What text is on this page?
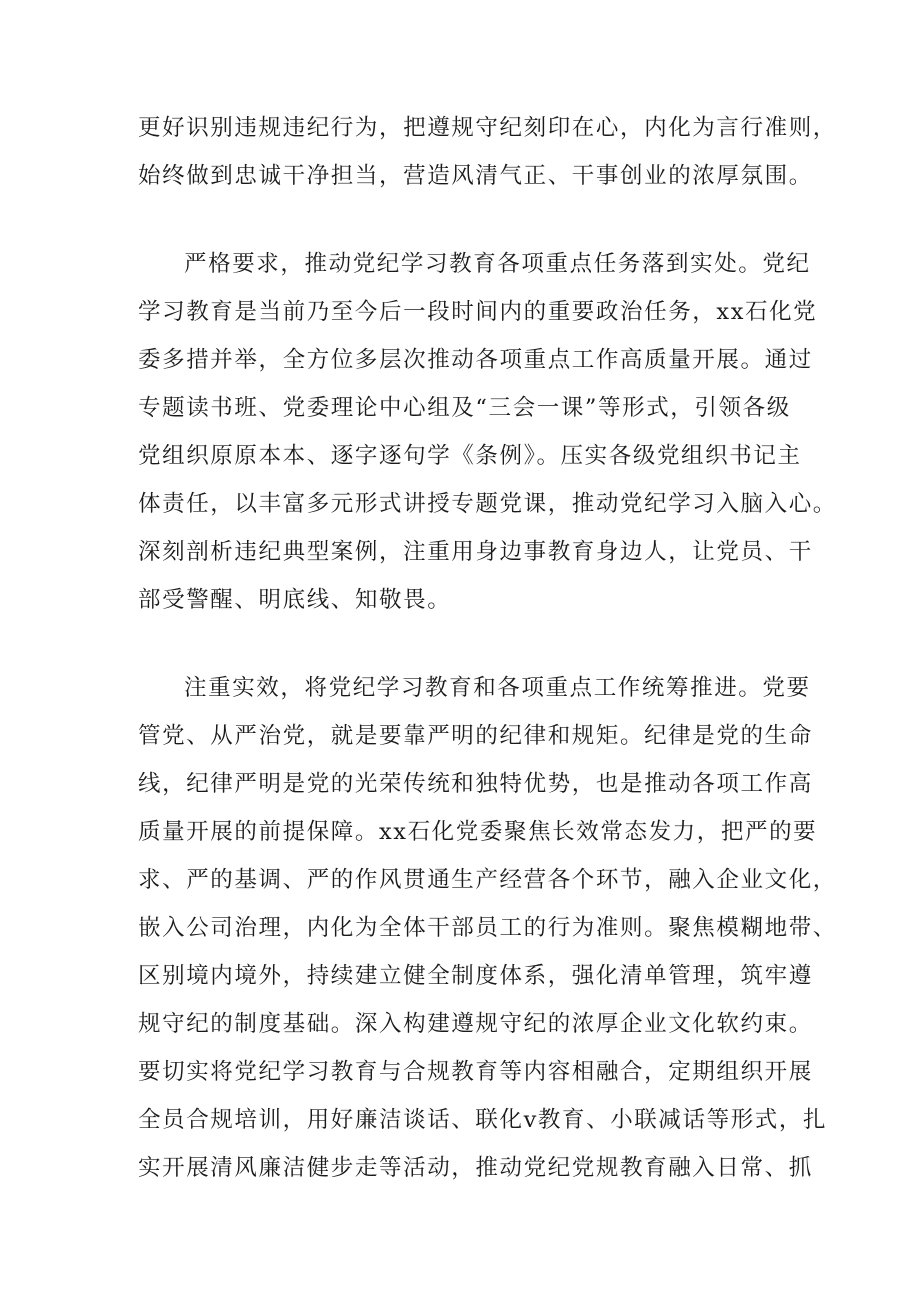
更好识别违规违纪行为，把遵规守纪刻印在心，内化为言行准则，
始终做到忠诚干净担当，营造风清气正、干事创业的浓厚氛围。
严格要求，推动党纪学习教育各项重点任务落到实处。党纪
学习教育是当前乃至今后一段时间内的重要政治任务，xx石化党
委多措并举，全方位多层次推动各项重点工作高质量开展。通过
专题读书班、党委理论中心组及“三会一课”等形式，引领各级
党组织原原本本、逐字逐句学《条例》。压实各级党组织书记主
体责任，以丰富多元形式讲授专题党课，推动党纪学习入脑入心。
深刻剖析违纪典型案例，注重用身边事教育身边人，让党员、干
部受警醒、明底线、知敬畏。
注重实效，将党纪学习教育和各项重点工作统筹推进。党要
管党、从严治党，就是要靠严明的纪律和规矩。纪律是党的生命
线，纪律严明是党的光荣传统和独特优势，也是推动各项工作高
质量开展的前提保障。xx石化党委聚焦长效常态发力，把严的要
求、严的基调、严的作风贯通生产经营各个环节，融入企业文化，
嵌入公司治理，内化为全体干部员工的行为准则。聚焦模糊地带、
区别境内境外，持续建立健全制度体系，强化清单管理，筑牢遵
规守纪的制度基础。深入构建遵规守纪的浓厚企业文化软约束。
要切实将党纪学习教育与合规教育等内容相融合，定期组织开展
全员合规培训，用好廉洁谈话、联化v教育、小联减话等形式，扎
实开展清风廉洁健步走等活动，推动党纪党规教育融入日常、抓
